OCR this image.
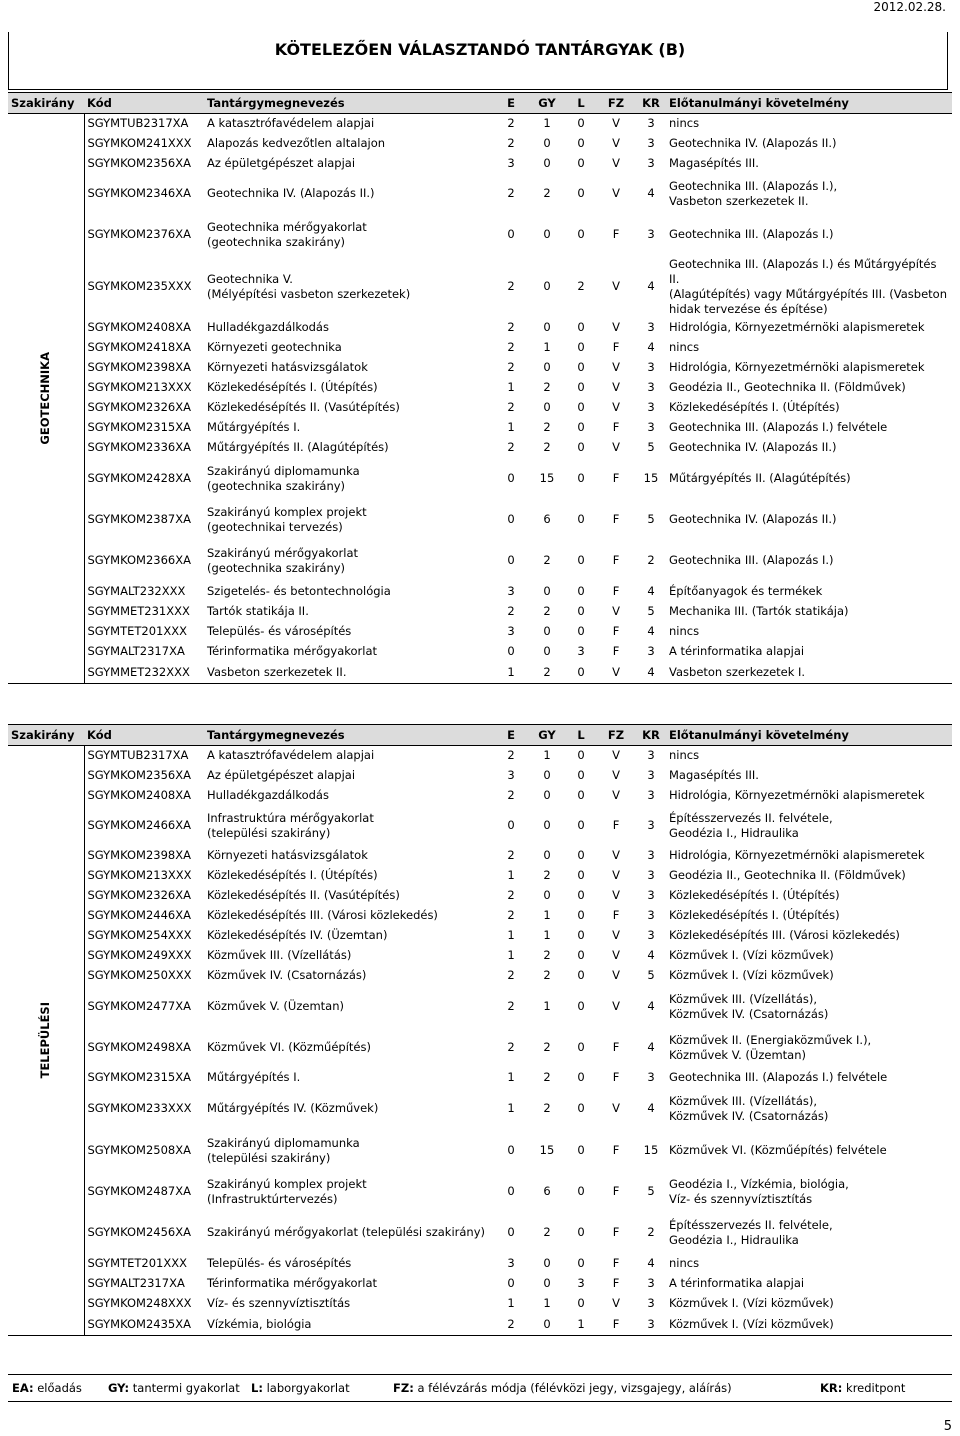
2012.02.28.
KÖTELEZŐEN VÁLASZTANDÓ TANTÁRGYAK (B)
Szakirány	Kód	Tantárgymegnevezés	E	GY	L	FZ	KR	Előtanulmányi követelmény

GEOTECHNIKA	SGYMTUB2317XA	A katasztrófavédelem alapjai	2	1	0	V	3	nincs
	SGYMKOM241XXX	Alapozás kedvezőtlen altalajon	2	0	0	V	3	Geotechnika IV. (Alapozás II.)
	SGYMKOM2356XA	Az épületgépészet alapjai	3	0	0	V	3	Magasépítés III.
	SGYMKOM2346XA	Geotechnika IV. (Alapozás II.)	2	2	0	V	4	Geotechnika III. (Alapozás I.),
Vasbeton szerkezetek II.
	SGYMKOM2376XA	Geotechnika mérőgyakorlat
(geotechnika szakirány)	0	0	0	F	3	Geotechnika III. (Alapozás I.)
	SGYMKOM235XXX	Geotechnika V.
(Mélyépítési vasbeton szerkezetek)	2	0	2	V	4	Geotechnika III. (Alapozás I.) és Műtárgyépítés II.
(Alagútépítés) vagy Műtárgyépítés III. (Vasbeton
hidak tervezése és építése)
	SGYMKOM2408XA	Hulladékgazdálkodás	2	0	0	V	3	Hidrológia, Környezetmérnöki alapismeretek
	SGYMKOM2418XA	Környezeti geotechnika	2	1	0	F	4	nincs
	SGYMKOM2398XA	Környezeti hatásvizsgálatok	2	0	0	V	3	Hidrológia, Környezetmérnöki alapismeretek
	SGYMKOM213XXX	Közlekedésépítés I. (Útépítés)	1	2	0	V	3	Geodézia II., Geotechnika II. (Földművek)
	SGYMKOM2326XA	Közlekedésépítés II. (Vasútépítés)	2	0	0	V	3	Közlekedésépítés I. (Útépítés)
	SGYMKOM2315XA	Műtárgyépítés I.	1	2	0	F	3	Geotechnika III. (Alapozás I.) felvétele
	SGYMKOM2336XA	Műtárgyépítés II. (Alagútépítés)	2	2	0	V	5	Geotechnika IV. (Alapozás II.)
	SGYMKOM2428XA	Szakirányú diplomamunka
(geotechnika szakirány)	0	15	0	F	15	Műtárgyépítés II. (Alagútépítés)
	SGYMKOM2387XA	Szakirányú komplex projekt
(geotechnikai tervezés)	0	6	0	F	5	Geotechnika IV. (Alapozás II.)
	SGYMKOM2366XA	Szakirányú mérőgyakorlat
(geotechnika szakirány)	0	2	0	F	2	Geotechnika III. (Alapozás I.)
	SGYMALT232XXX	Szigetelés- és betontechnológia	3	0	0	F	4	Építőanyagok és termékek
	SGYMMET231XXX	Tartók statikája II.	2	2	0	V	5	Mechanika III. (Tartók statikája)
	SGYMTET201XXX	Település- és városépítés	3	0	0	F	4	nincs
	SGYMALT2317XA	Térinformatika mérőgyakorlat	0	0	3	F	3	A térinformatika alapjai
	SGYMMET232XXX	Vasbeton szerkezetek II.	1	2	0	V	4	Vasbeton szerkezetek I.
Szakirány	Kód	Tantárgymegnevezés	E	GY	L	FZ	KR	Előtanulmányi követelmény

TELEPÜLÉSI	SGYMTUB2317XA	A katasztrófavédelem alapjai	2	1	0	V	3	nincs
	SGYMKOM2356XA	Az épületgépészet alapjai	3	0	0	V	3	Magasépítés III.
	SGYMKOM2408XA	Hulladékgazdálkodás	2	0	0	V	3	Hidrológia, Környezetmérnöki alapismeretek
	SGYMKOM2466XA	Infrastruktúra mérőgyakorlat
(települési szakirány)	0	0	0	F	3	Építésszervezés II. felvétele,
Geodézia I., Hidraulika
	SGYMKOM2398XA	Környezeti hatásvizsgálatok	2	0	0	V	3	Hidrológia, Környezetmérnöki alapismeretek
	SGYMKOM213XXX	Közlekedésépítés I. (Útépítés)	1	2	0	V	3	Geodézia II., Geotechnika II. (Földművek)
	SGYMKOM2326XA	Közlekedésépítés II. (Vasútépítés)	2	0	0	V	3	Közlekedésépítés I. (Útépítés)
	SGYMKOM2446XA	Közlekedésépítés III. (Városi közlekedés)	2	1	0	F	3	Közlekedésépítés I. (Útépítés)
	SGYMKOM254XXX	Közlekedésépítés IV. (Üzemtan)	1	1	0	V	3	Közlekedésépítés III. (Városi közlekedés)
	SGYMKOM249XXX	Közművek III. (Vízellátás)	1	2	0	V	4	Közművek I. (Vízi közművek)
	SGYMKOM250XXX	Közművek IV. (Csatornázás)	2	2	0	V	5	Közművek I. (Vízi közművek)
	SGYMKOM2477XA	Közművek V. (Üzemtan)	2	1	0	V	4	Közművek III. (Vízellátás),
Közművek IV. (Csatornázás)
	SGYMKOM2498XA	Közművek VI. (Közműépítés)	2	2	0	F	4	Közművek II. (Energiaközművek I.),
Közművek V. (Üzemtan)
	SGYMKOM2315XA	Műtárgyépítés I.	1	2	0	F	3	Geotechnika III. (Alapozás I.) felvétele
	SGYMKOM233XXX	Műtárgyépítés IV. (Közművek)	1	2	0	V	4	Közművek III. (Vízellátás),
Közművek IV. (Csatornázás)
	SGYMKOM2508XA	Szakirányú diplomamunka
(települési szakirány)	0	15	0	F	15	Közművek VI. (Közműépítés) felvétele
	SGYMKOM2487XA	Szakirányú komplex projekt
(Infrastruktúrtervezés)	0	6	0	F	5	Geodézia I., Vízkémia, biológia,
Víz- és szennyvíztisztítás
	SGYMKOM2456XA	Szakirányú mérőgyakorlat (települési szakirány)	0	2	0	F	2	Építésszervezés II. felvétele,
Geodézia I., Hidraulika
	SGYMTET201XXX	Település- és városépítés	3	0	0	F	4	nincs
	SGYMALT2317XA	Térinformatika mérőgyakorlat	0	0	3	F	3	A térinformatika alapjai
	SGYMKOM248XXX	Víz- és szennyvíztisztítás	1	1	0	V	3	Közművek I. (Vízi közművek)
	SGYMKOM2435XA	Vízkémia, biológia	2	0	1	F	3	Közművek I. (Vízi közművek)
EA: előadás GY: tantermi gyakorlat L: laborgyakorlat	FZ: a félévzárás módja (félévközi jegy, vizsgajegy, aláírás)	KR: kreditpont
5
